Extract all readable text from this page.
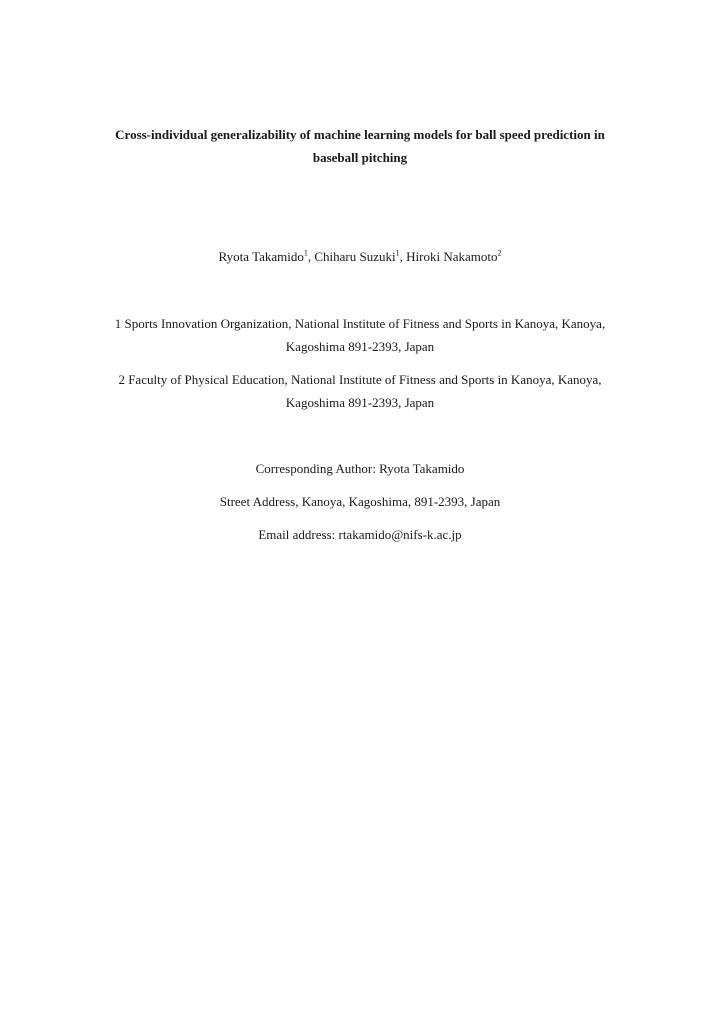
Cross-individual generalizability of machine learning models for ball speed prediction in
baseball pitching
Ryota Takamido$^1$, Chiharu Suzuki$^1$, Hiroki Nakamoto$^2$
1 Sports Innovation Organization, National Institute of Fitness and Sports in Kanoya, Kanoya,
Kagoshima 891-2393, Japan
2 Faculty of Physical Education, National Institute of Fitness and Sports in Kanoya, Kanoya,
Kagoshima 891-2393, Japan
Corresponding Author: Ryota Takamido
Street Address, Kanoya, Kagoshima, 891-2393, Japan
Email address: rtakamido@nifs-k.ac.jp
